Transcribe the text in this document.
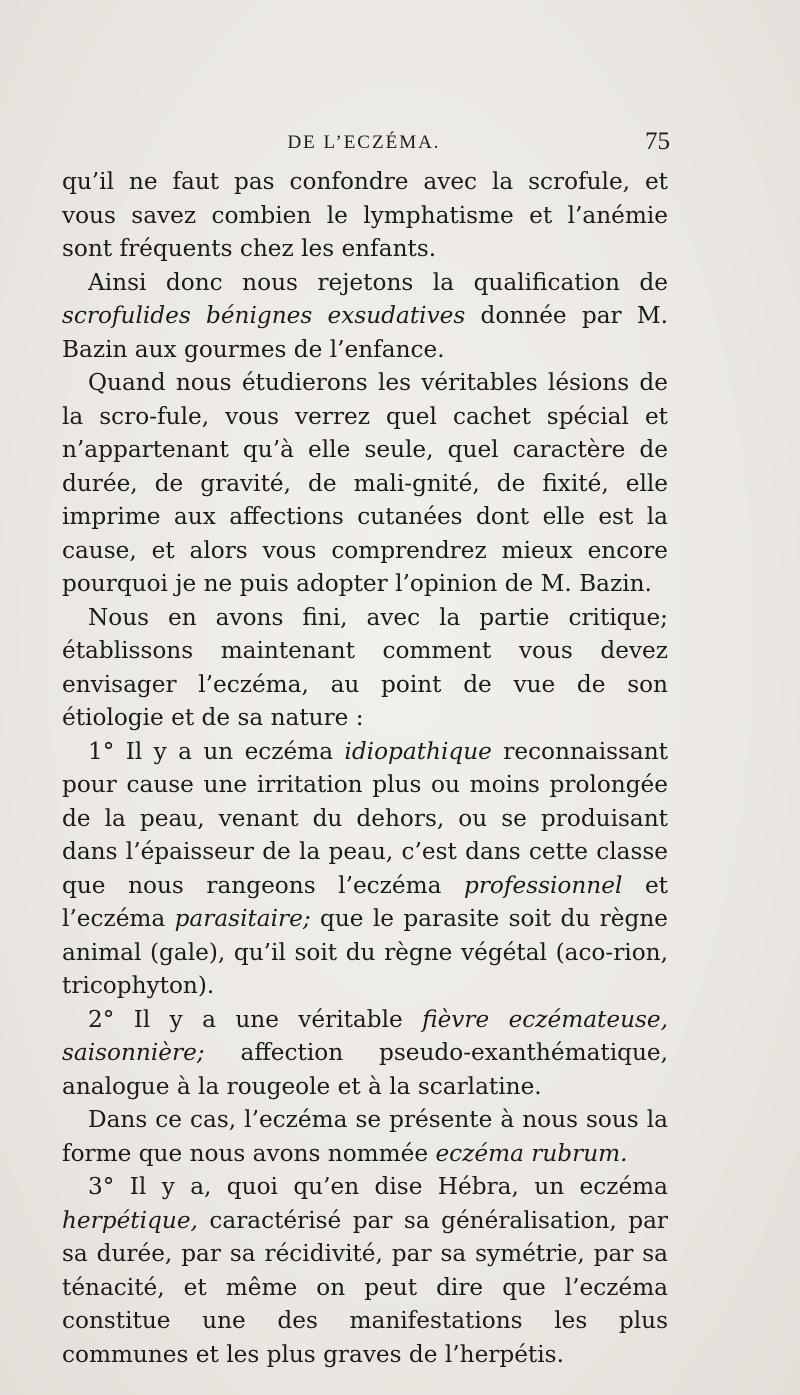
DE L’ECZÉMA.	75

qu’il ne faut pas confondre avec la scrofule, et vous savez combien le lymphatisme et l’anémie sont fréquents chez les enfants.

Ainsi donc nous rejetons la qualification de scrofulides bénignes exsudatives donnée par M. Bazin aux gourmes de l’enfance.

Quand nous étudierons les véritables lésions de la scro-fule, vous verrez quel cachet spécial et n’appartenant qu’à elle seule, quel caractère de durée, de gravité, de mali-gnité, de fixité, elle imprime aux affections cutanées dont elle est la cause, et alors vous comprendrez mieux encore pourquoi je ne puis adopter l’opinion de M. Bazin.

Nous en avons fini, avec la partie critique; établissons maintenant comment vous devez envisager l’eczéma, au point de vue de son étiologie et de sa nature :

1° Il y a un eczéma idiopathique reconnaissant pour cause une irritation plus ou moins prolongée de la peau, venant du dehors, ou se produisant dans l’épaisseur de la peau, c’est dans cette classe que nous rangeons l’eczéma professionnel et l’eczéma parasitaire; que le parasite soit du règne animal (gale), qu’il soit du règne végétal (aco-rion, tricophyton).

2° Il y a une véritable fièvre eczémateuse, saisonnière; affection pseudo-exanthématique, analogue à la rougeole et à la scarlatine.

Dans ce cas, l’eczéma se présente à nous sous la forme que nous avons nommée eczéma rubrum.

3° Il y a, quoi qu’en dise Hébra, un eczéma herpétique, caractérisé par sa généralisation, par sa durée, par sa récidivité, par sa symétrie, par sa ténacité, et même on peut dire que l’eczéma constitue une des manifestations les plus communes et les plus graves de l’herpétis.
